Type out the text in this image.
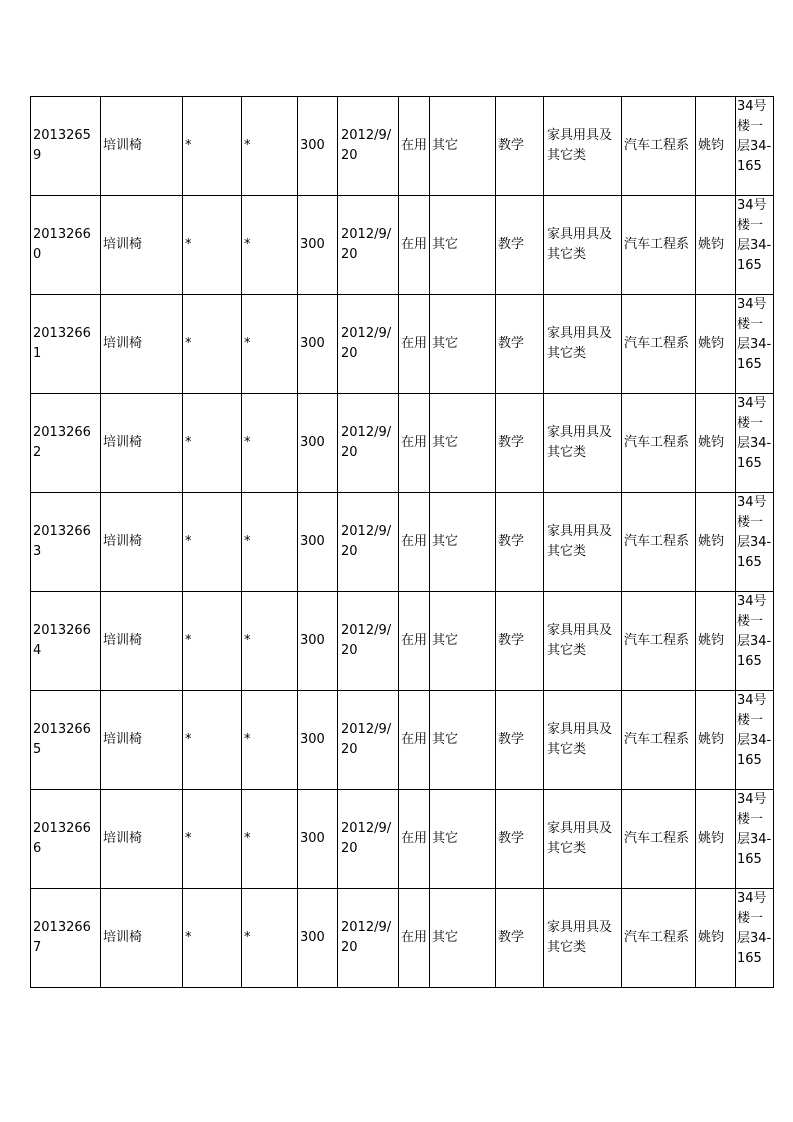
20132659	培训椅	*	*	300	2012/9/20	在用	其它	教学	家具用具及其它类	汽车工程系	姚钧	34号楼一层34-165
20132660	培训椅	*	*	300	2012/9/20	在用	其它	教学	家具用具及其它类	汽车工程系	姚钧	34号楼一层34-165
20132661	培训椅	*	*	300	2012/9/20	在用	其它	教学	家具用具及其它类	汽车工程系	姚钧	34号楼一层34-165
20132662	培训椅	*	*	300	2012/9/20	在用	其它	教学	家具用具及其它类	汽车工程系	姚钧	34号楼一层34-165
20132663	培训椅	*	*	300	2012/9/20	在用	其它	教学	家具用具及其它类	汽车工程系	姚钧	34号楼一层34-165
20132664	培训椅	*	*	300	2012/9/20	在用	其它	教学	家具用具及其它类	汽车工程系	姚钧	34号楼一层34-165
20132665	培训椅	*	*	300	2012/9/20	在用	其它	教学	家具用具及其它类	汽车工程系	姚钧	34号楼一层34-165
20132666	培训椅	*	*	300	2012/9/20	在用	其它	教学	家具用具及其它类	汽车工程系	姚钧	34号楼一层34-165
20132667	培训椅	*	*	300	2012/9/20	在用	其它	教学	家具用具及其它类	汽车工程系	姚钧	34号楼一层34-165
